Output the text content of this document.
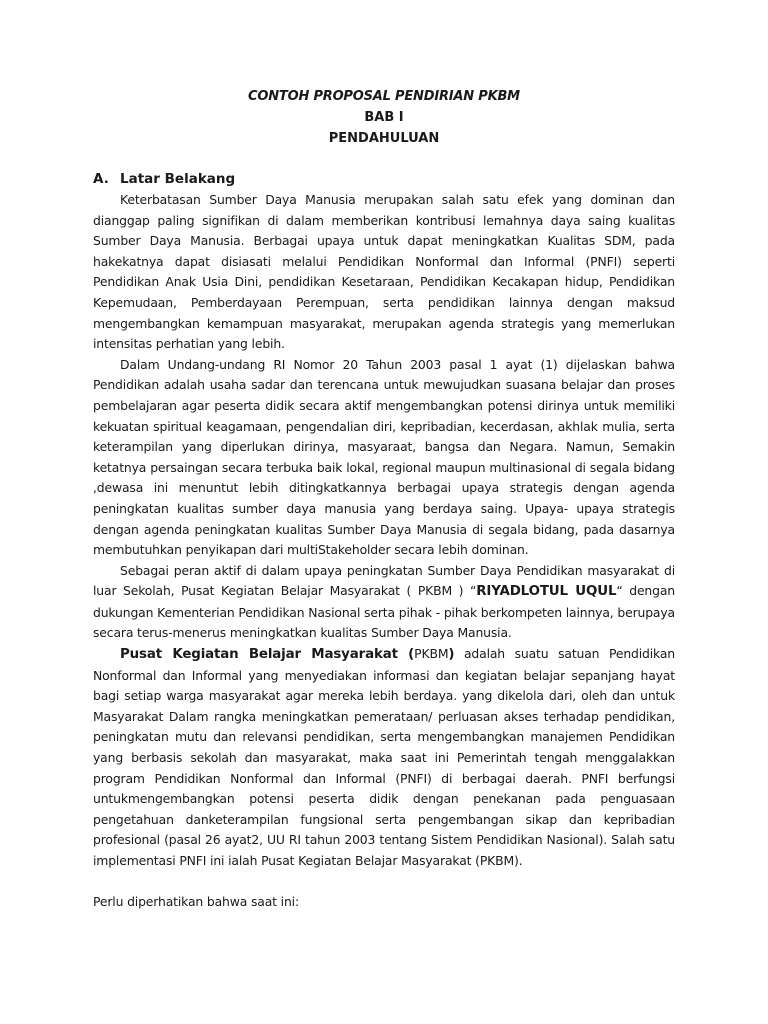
CONTOH PROPOSAL PENDIRIAN PKBM
BAB I
PENDAHULUAN
A. Latar Belakang

Keterbatasan Sumber Daya Manusia merupakan salah satu efek yang dominan dan dianggap paling signifikan di dalam memberikan kontribusi lemahnya daya saing kualitas Sumber Daya Manusia. Berbagai upaya untuk dapat meningkatkan Kualitas SDM, pada hakekatnya dapat disiasati melalui Pendidikan Nonformal dan Informal (PNFI) seperti Pendidikan Anak Usia Dini, pendidikan Kesetaraan, Pendidikan Kecakapan hidup, Pendidikan Kepemudaan, Pemberdayaan Perempuan, serta pendidikan lainnya dengan maksud mengembangkan kemampuan masyarakat, merupakan agenda strategis yang memerlukan intensitas perhatian yang lebih.

Dalam Undang-undang RI Nomor 20 Tahun 2003 pasal 1 ayat (1) dijelaskan bahwa Pendidikan adalah usaha sadar dan terencana untuk mewujudkan suasana belajar dan proses pembelajaran agar peserta didik secara aktif mengembangkan potensi dirinya untuk memiliki kekuatan spiritual keagamaan, pengendalian diri, kepribadian, kecerdasan, akhlak mulia, serta keterampilan yang diperlukan dirinya, masyaraat, bangsa dan Negara. Namun, Semakin ketatnya persaingan secara terbuka baik lokal, regional maupun multinasional di segala bidang ,dewasa ini menuntut lebih ditingkatkannya berbagai upaya strategis dengan agenda peningkatan kualitas sumber daya manusia yang berdaya saing. Upaya- upaya strategis dengan agenda peningkatan kualitas Sumber Daya Manusia di segala bidang, pada dasarnya membutuhkan penyikapan dari multiStakeholder secara lebih dominan.

Sebagai peran aktif di dalam upaya peningkatan Sumber Daya Pendidikan masyarakat di luar Sekolah, Pusat Kegiatan Belajar Masyarakat ( PKBM ) “RIYADLOTUL UQUL“ dengan dukungan Kementerian Pendidikan Nasional serta pihak - pihak berkompeten lainnya, berupaya secara terus-menerus meningkatkan kualitas Sumber Daya Manusia.

Pusat Kegiatan Belajar Masyarakat (PKBM) adalah suatu satuan Pendidikan Nonformal dan Informal yang menyediakan informasi dan kegiatan belajar sepanjang hayat bagi setiap warga masyarakat agar mereka lebih berdaya. yang dikelola dari, oleh dan untuk Masyarakat Dalam rangka meningkatkan pemerataan/ perluasan akses terhadap pendidikan, peningkatan mutu dan relevansi pendidikan, serta mengembangkan manajemen Pendidikan yang berbasis sekolah dan masyarakat, maka saat ini Pemerintah tengah menggalakkan program Pendidikan Nonformal dan Informal (PNFI) di berbagai daerah. PNFI berfungsi untukmengembangkan potensi peserta didik dengan penekanan pada penguasaan pengetahuan danketerampilan fungsional serta pengembangan sikap dan kepribadian profesional (pasal 26 ayat2, UU RI tahun 2003 tentang Sistem Pendidikan Nasional). Salah satu implementasi PNFI ini ialah Pusat Kegiatan Belajar Masyarakat (PKBM).

Perlu diperhatikan bahwa saat ini:
